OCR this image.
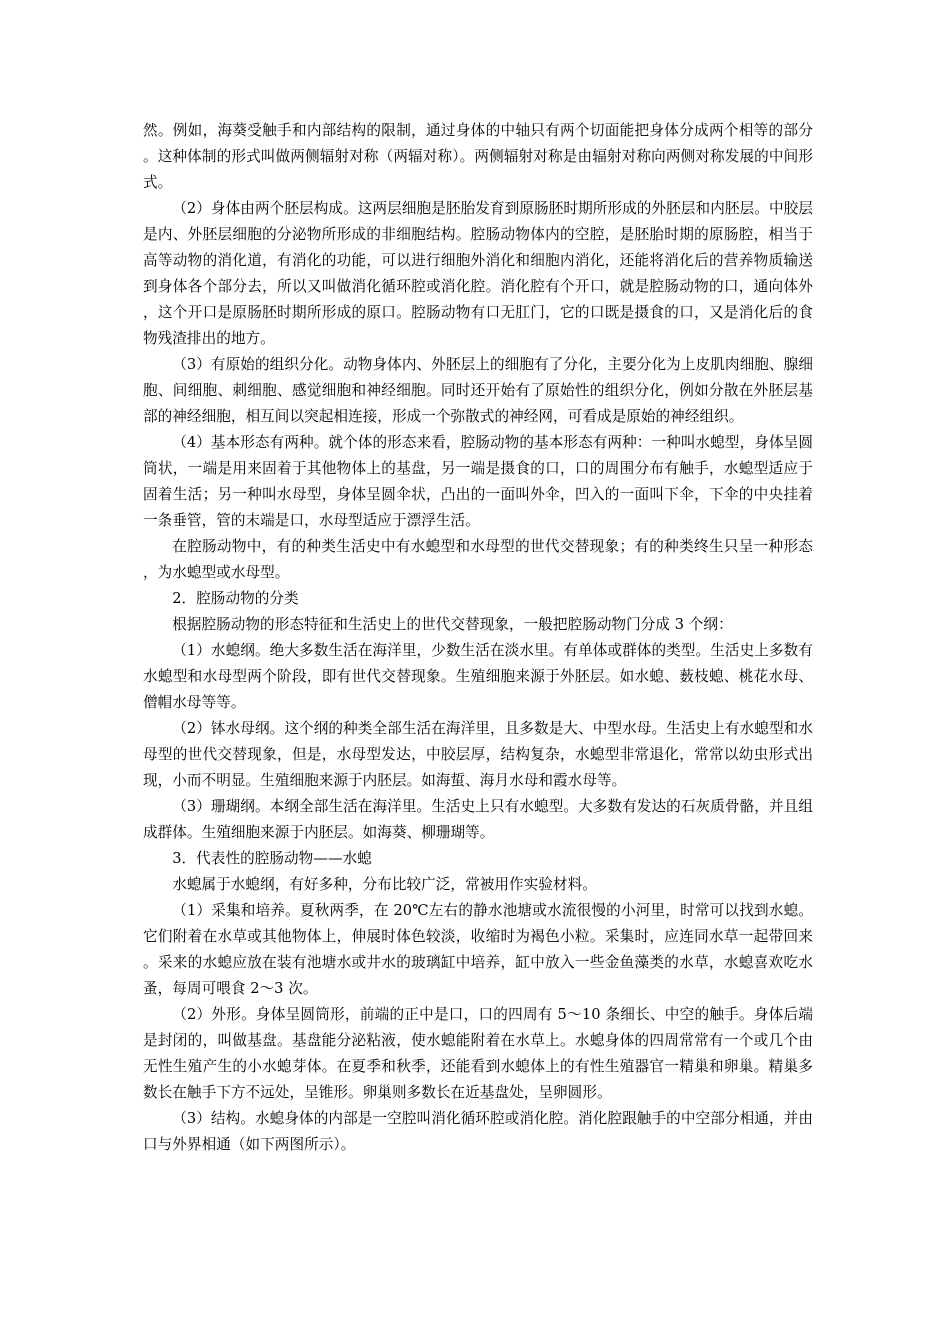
然。例如，海葵受触手和内部结构的限制，通过身体的中轴只有两个切面能把身体分成两个相等的部分。这种体制的形式叫做两侧辐射对称（两辐对称）。两侧辐射对称是由辐射对称向两侧对称发展的中间形式。

（2）身体由两个胚层构成。这两层细胞是胚胎发育到原肠胚时期所形成的外胚层和内胚层。中胶层是内、外胚层细胞的分泌物所形成的非细胞结构。腔肠动物体内的空腔，是胚胎时期的原肠腔，相当于高等动物的消化道，有消化的功能，可以进行细胞外消化和细胞内消化，还能将消化后的营养物质输送到身体各个部分去，所以又叫做消化循环腔或消化腔。消化腔有个开口，就是腔肠动物的口，通向体外，这个开口是原肠胚时期所形成的原口。腔肠动物有口无肛门，它的口既是摄食的口，又是消化后的食物残渣排出的地方。

（3）有原始的组织分化。动物身体内、外胚层上的细胞有了分化，主要分化为上皮肌肉细胞、腺细胞、间细胞、刺细胞、感觉细胞和神经细胞。同时还开始有了原始性的组织分化，例如分散在外胚层基部的神经细胞，相互间以突起相连接，形成一个弥散式的神经网，可看成是原始的神经组织。

（4）基本形态有两种。就个体的形态来看，腔肠动物的基本形态有两种：一种叫水螅型，身体呈圆筒状，一端是用来固着于其他物体上的基盘，另一端是摄食的口，口的周围分布有触手，水螅型适应于固着生活；另一种叫水母型，身体呈圆伞状，凸出的一面叫外伞，凹入的一面叫下伞，下伞的中央挂着一条垂管，管的末端是口，水母型适应于漂浮生活。

在腔肠动物中，有的种类生活史中有水螅型和水母型的世代交替现象；有的种类终生只呈一种形态，为水螅型或水母型。

2．腔肠动物的分类

根据腔肠动物的形态特征和生活史上的世代交替现象，一般把腔肠动物门分成 3 个纲：

（1）水螅纲。绝大多数生活在海洋里，少数生活在淡水里。有单体或群体的类型。生活史上多数有水螅型和水母型两个阶段，即有世代交替现象。生殖细胞来源于外胚层。如水螅、薮枝螅、桃花水母、僧帽水母等等。

（2）钵水母纲。这个纲的种类全部生活在海洋里，且多数是大、中型水母。生活史上有水螅型和水母型的世代交替现象，但是，水母型发达，中胶层厚，结构复杂，水螅型非常退化，常常以幼虫形式出现，小而不明显。生殖细胞来源于内胚层。如海蜇、海月水母和霞水母等。

（3）珊瑚纲。本纲全部生活在海洋里。生活史上只有水螅型。大多数有发达的石灰质骨骼，并且组成群体。生殖细胞来源于内胚层。如海葵、柳珊瑚等。

3．代表性的腔肠动物——水螅

水螅属于水螅纲，有好多种，分布比较广泛，常被用作实验材料。

（1）采集和培养。夏秋两季，在 20℃左右的静水池塘或水流很慢的小河里，时常可以找到水螅。它们附着在水草或其他物体上，伸展时体色较淡，收缩时为褐色小粒。采集时，应连同水草一起带回来。采来的水螅应放在装有池塘水或井水的玻璃缸中培养，缸中放入一些金鱼藻类的水草，水螅喜欢吃水蚤，每周可喂食 2～3 次。

（2）外形。身体呈圆筒形，前端的正中是口，口的四周有 5～10 条细长、中空的触手。身体后端是封闭的，叫做基盘。基盘能分泌粘液，使水螅能附着在水草上。水螅身体的四周常常有一个或几个由无性生殖产生的小水螅芽体。在夏季和秋季，还能看到水螅体上的有性生殖器官一精巢和卵巢。精巢多数长在触手下方不远处，呈锥形。卵巢则多数长在近基盘处，呈卵圆形。

（3）结构。水螅身体的内部是一空腔叫消化循环腔或消化腔。消化腔跟触手的中空部分相通，并由口与外界相通（如下两图所示）。
